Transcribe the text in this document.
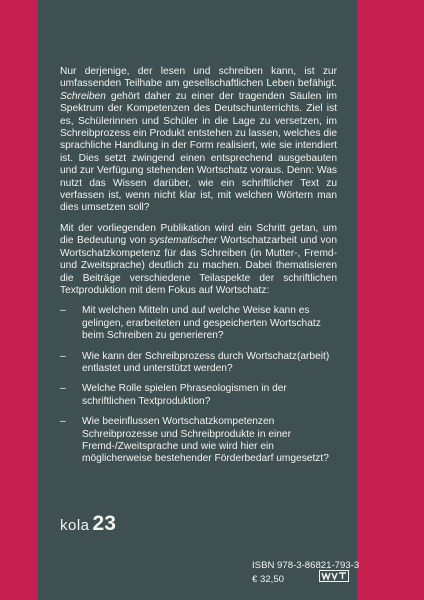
Nur derjenige, der lesen und schreiben kann, ist zur umfassenden Teilhabe am gesellschaftlichen Leben befähigt. Schreiben gehört daher zu einer der tragenden Säulen im Spektrum der Kompetenzen des Deutschunterrichts. Ziel ist es, Schülerinnen und Schüler in die Lage zu versetzen, im Schreibprozess ein Produkt entstehen zu lassen, welches die sprachliche Handlung in der Form realisiert, wie sie intendiert ist. Dies setzt zwingend einen entsprechend ausgebauten und zur Verfügung stehenden Wortschatz voraus. Denn: Was nutzt das Wissen darüber, wie ein schriftlicher Text zu verfassen ist, wenn nicht klar ist, mit welchen Wörtern man dies umsetzen soll?

Mit der vorliegenden Publikation wird ein Schritt getan, um die Bedeutung von systematischer Wortschatzarbeit und von Wortschatzkompetenz für das Schreiben (in Mutter-, Fremd- und Zweitsprache) deutlich zu machen. Dabei thematisieren die Beiträge verschiedene Teilaspekte der schriftlichen Textproduktion mit dem Fokus auf Wortschatz:

– Mit welchen Mitteln und auf welche Weise kann es gelingen, erarbeiteten und gespeicherten Wortschatz beim Schreiben zu generieren?
– Wie kann der Schreibprozess durch Wortschatz(arbeit) entlastet und unterstützt werden?
– Welche Rolle spielen Phraseologismen in der schriftlichen Textproduktion?
– Wie beeinflussen Wortschatzkompetenzen Schreibprozesse und Schreibprodukte in einer Fremd-/Zweitsprache und wie wird hier ein möglicherweise bestehender Förderbedarf umgesetzt?
kola 23
ISBN 978-3-86821-793-3
€ 32,50
